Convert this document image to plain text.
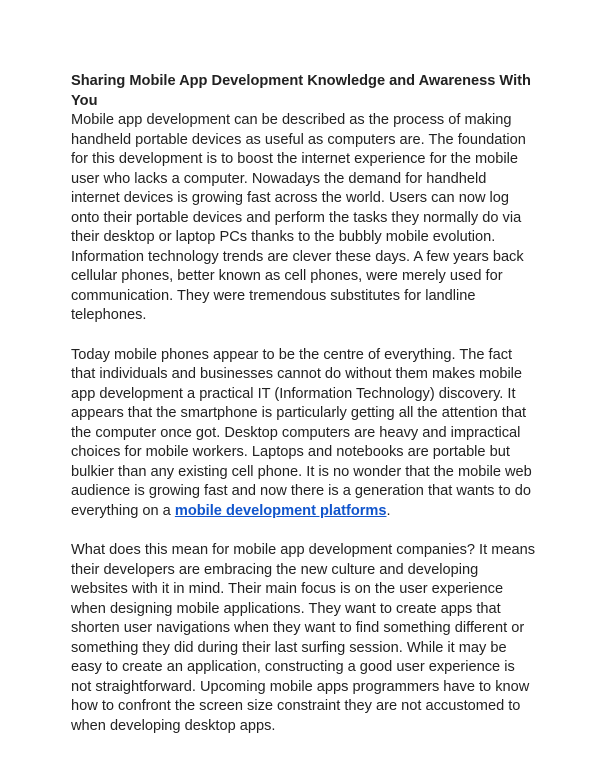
Sharing Mobile App Development Knowledge and Awareness With You

Mobile app development can be described as the process of making handheld portable devices as useful as computers are. The foundation for this development is to boost the internet experience for the mobile user who lacks a computer. Nowadays the demand for handheld internet devices is growing fast across the world. Users can now log onto their portable devices and perform the tasks they normally do via their desktop or laptop PCs thanks to the bubbly mobile evolution. Information technology trends are clever these days. A few years back cellular phones, better known as cell phones, were merely used for communication. They were tremendous substitutes for landline telephones.

Today mobile phones appear to be the centre of everything. The fact that individuals and businesses cannot do without them makes mobile app development a practical IT (Information Technology) discovery. It appears that the smartphone is particularly getting all the attention that the computer once got. Desktop computers are heavy and impractical choices for mobile workers. Laptops and notebooks are portable but bulkier than any existing cell phone. It is no wonder that the mobile web audience is growing fast and now there is a generation that wants to do everything on a mobile development platforms.

What does this mean for mobile app development companies? It means their developers are embracing the new culture and developing websites with it in mind. Their main focus is on the user experience when designing mobile applications. They want to create apps that shorten user navigations when they want to find something different or something they did during their last surfing session. While it may be easy to create an application, constructing a good user experience is not straightforward. Upcoming mobile apps programmers have to know how to confront the screen size constraint they are not accustomed to when developing desktop apps.
